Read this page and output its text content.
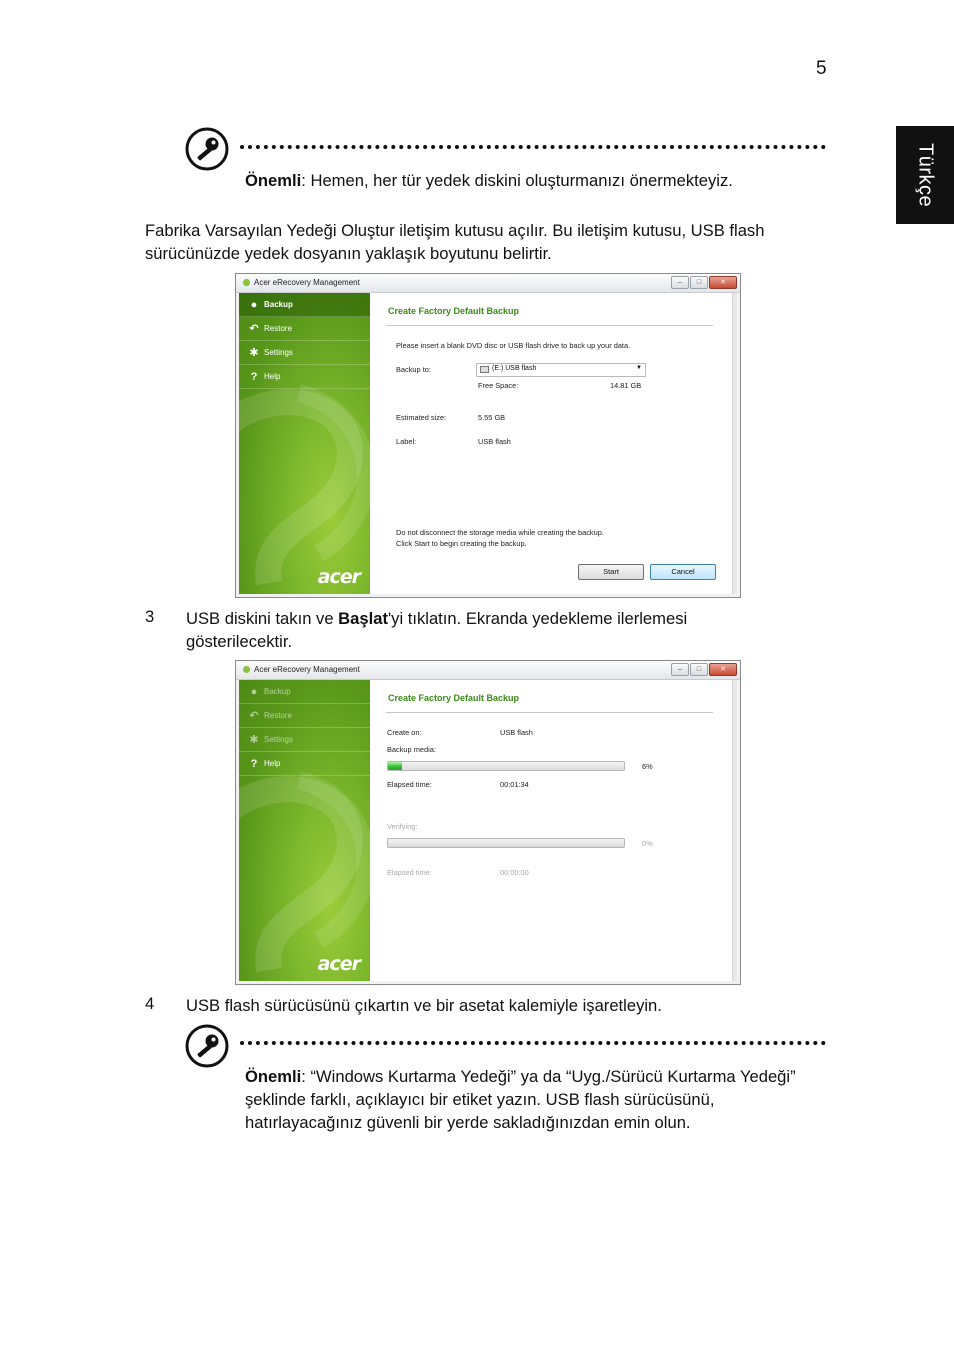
5
Türkçe
Önemli: Hemen, her tür yedek diskini oluşturmanızı önermekteyiz.
Fabrika Varsayılan Yedeği Oluştur iletişim kutusu açılır. Bu iletişim kutusu, USB flash sürücünüzde yedek dosyanın yaklaşık boyutunu belirtir.
Acer eRecovery Management	–	□	✕
● Backup
↶ Restore
✱ Settings
? Help
acer
Create Factory Default Backup
Please insert a blank DVD disc or USB flash drive to back up your data.
Backup to:	(E:) USB flash	▼
Free Space:	14.81 GB
Estimated size:	5.55 GB
Label:	USB flash
Do not disconnect the storage media while creating the backup.
Click Start to begin creating the backup.
Start	Cancel
3 USB diskini takın ve Başlat'yi tıklatın. Ekranda yedekleme ilerlemesi gösterilecektir.
Acer eRecovery Management	–	□	✕
● Backup
↶ Restore
✱ Settings
? Help
acer
Create Factory Default Backup
Create on:	USB flash
Backup media:
6%
Elapsed time:	00:01:34
Verifying:
0%
Elapsed time:	00:00:00
4 USB flash sürücüsünü çıkartın ve bir asetat kalemiyle işaretleyin.
Önemli: “Windows Kurtarma Yedeği” ya da “Uyg./Sürücü Kurtarma Yedeği” şeklinde farklı, açıklayıcı bir etiket yazın. USB flash sürücüsünü, hatırlayacağınız güvenli bir yerde sakladığınızdan emin olun.
